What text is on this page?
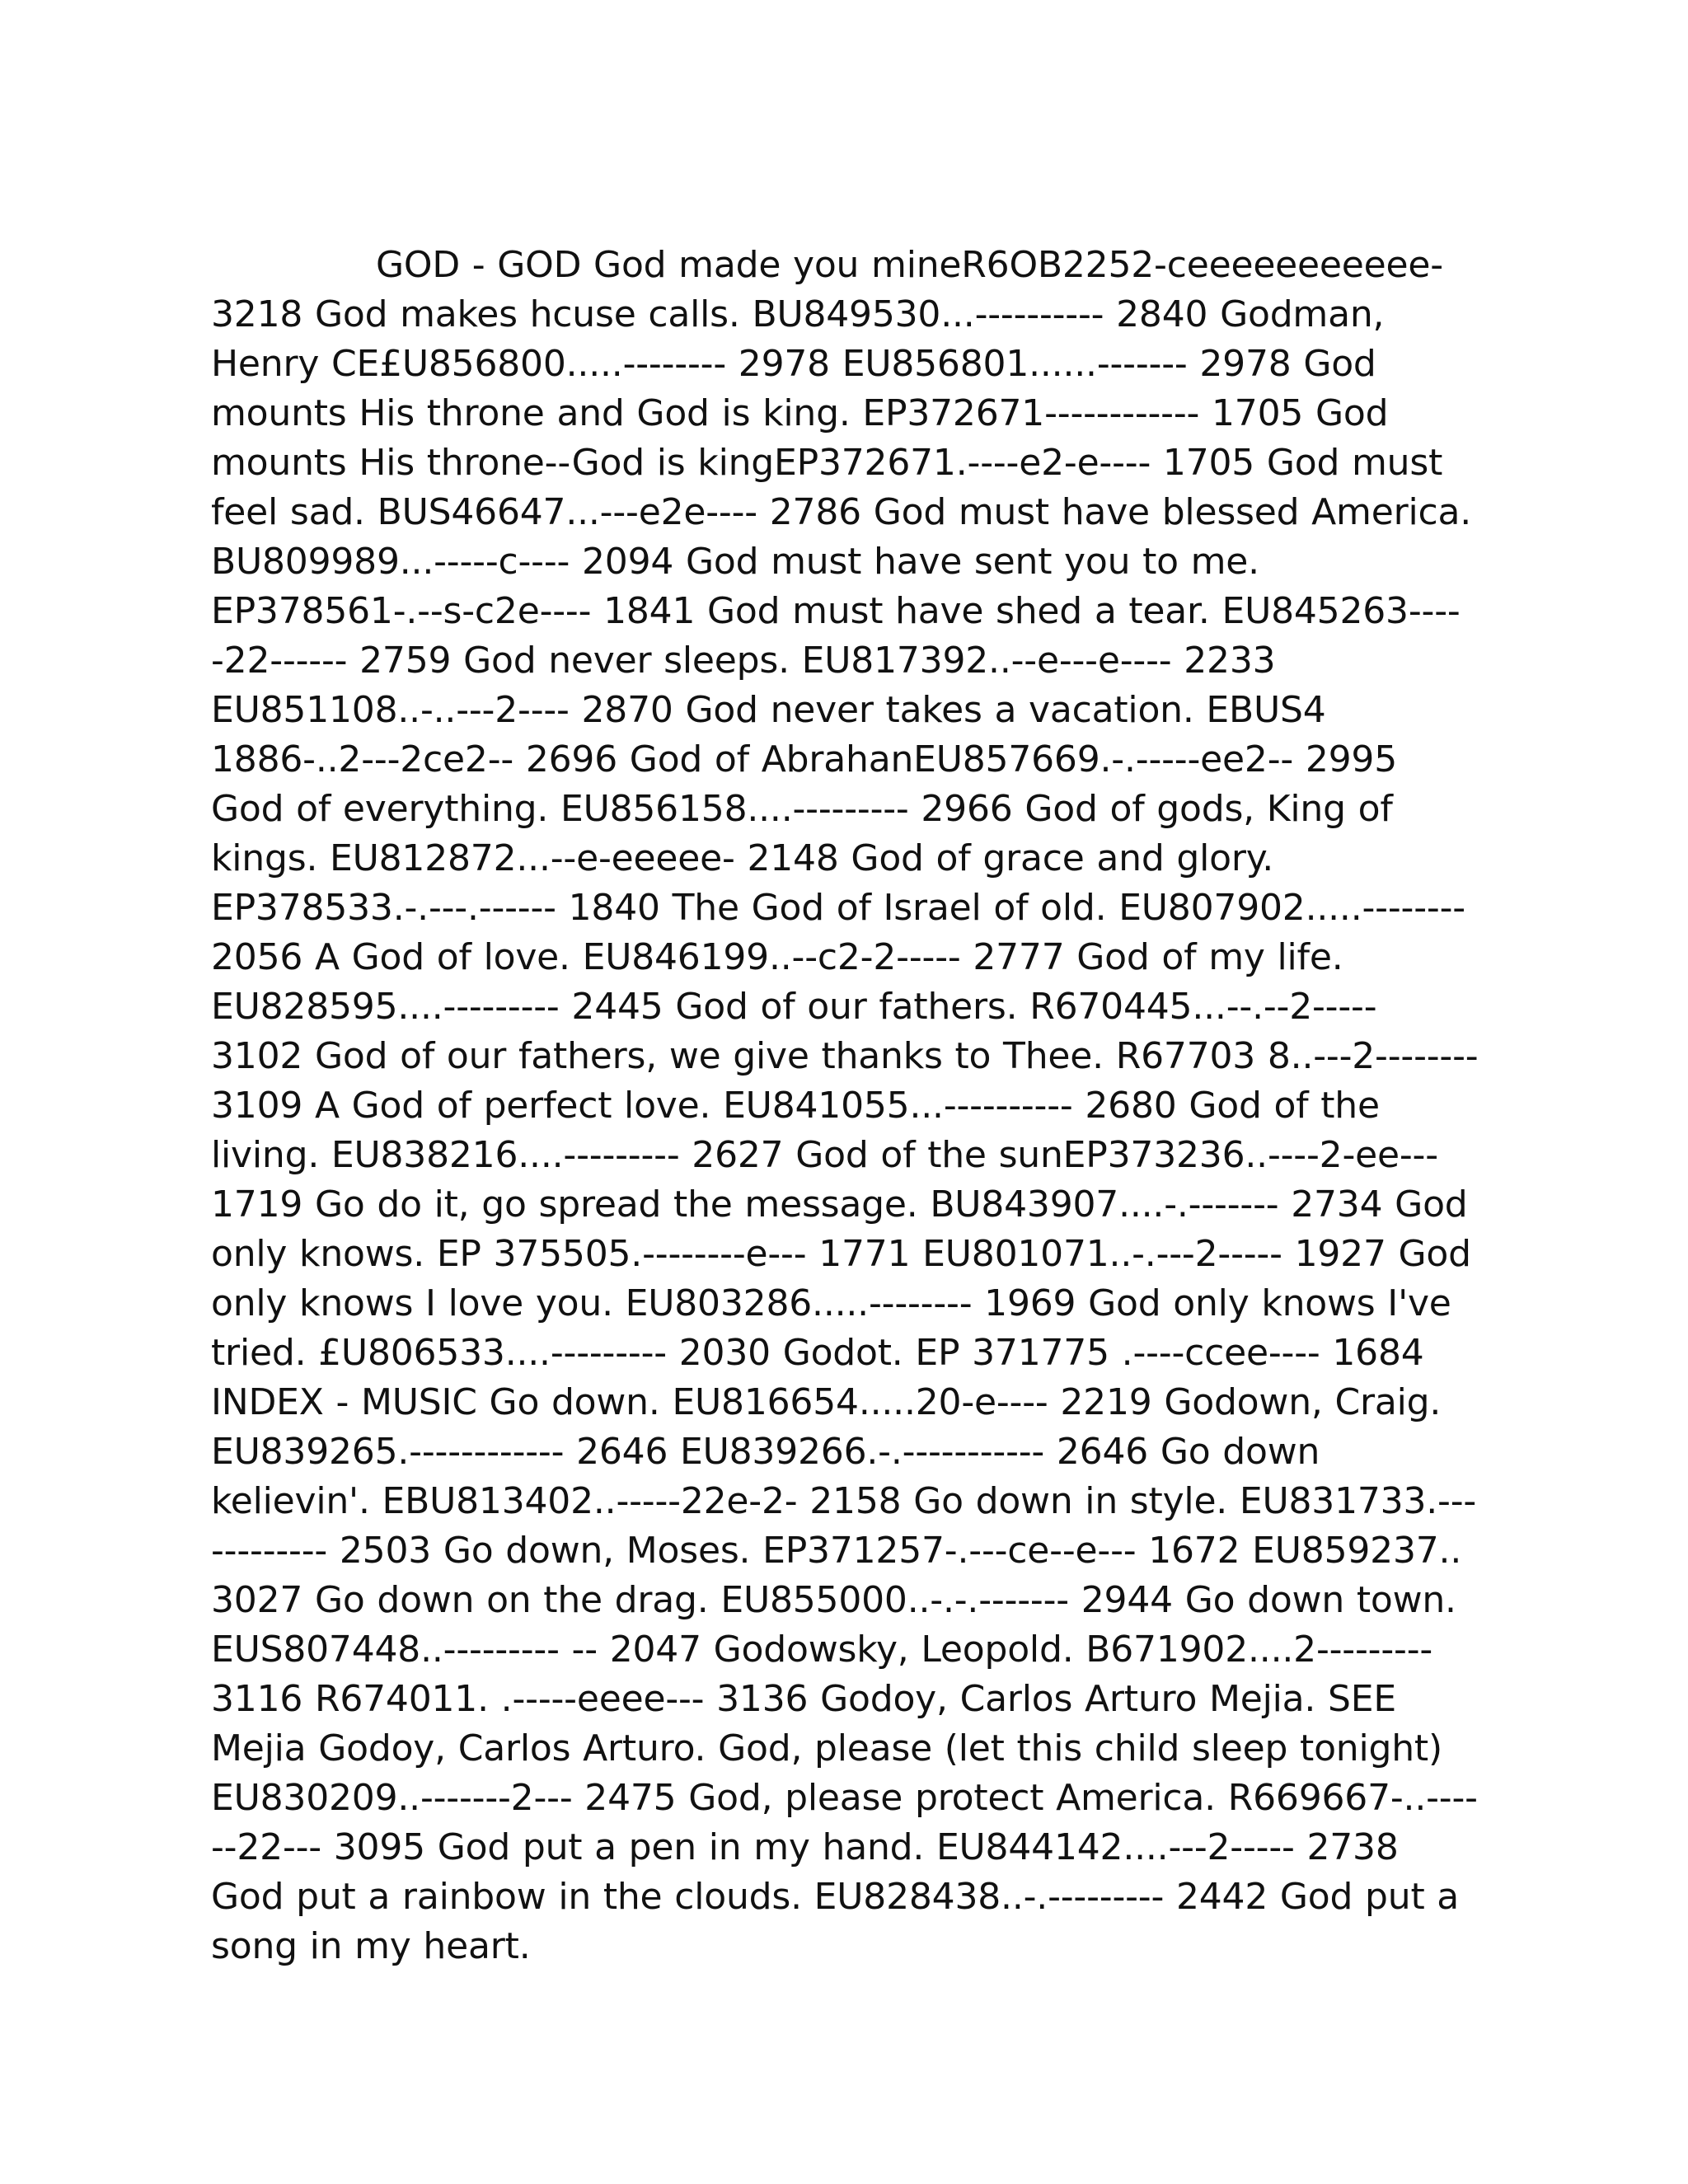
GOD - GOD God made you mineR6OB2252-ceeeeeeeeeee-3218 God makes hcuse calls. BU849530...---------- 2840 Godman, Henry CE£U856800.....-------- 2978 EU856801......------- 2978 God mounts His throne and God is king. EP372671------------ 1705 God mounts His throne--God is kingEP372671.----e2-e---- 1705 God must feel sad. BUS46647...---e2e---- 2786 God must have blessed America. BU809989...-----c---- 2094 God must have sent you to me. EP378561-.--s-c2e---- 1841 God must have shed a tear. EU845263-----22------ 2759 God never sleeps. EU817392..--e---e---- 2233 EU851108..-..---2---- 2870 God never takes a vacation. EBUS4 1886-..2---2ce2-- 2696 God of AbrahanEU857669.-.-----ee2-- 2995 God of everything. EU856158....--------- 2966 God of gods, King of kings. EU812872...--e-eeeee- 2148 God of grace and glory. EP378533.-.---.------ 1840 The God of Israel of old. EU807902.....-------- 2056 A God of love. EU846199..--c2-2----- 2777 God of my life. EU828595....--------- 2445 God of our fathers. R670445...--.--2----- 3102 God of our fathers, we give thanks to Thee. R67703 8..---2-------- 3109 A God of perfect love. EU841055...---------- 2680 God of the living. EU838216....--------- 2627 God of the sunEP373236..----2-ee--- 1719 Go do it, go spread the message. BU843907....-.------- 2734 God only knows. EP 375505.--------e--- 1771 EU801071..-.---2----- 1927 God only knows I love you. EU803286.....-------- 1969 God only knows I've tried. £U806533....--------- 2030 Godot. EP 371775 .----ccee---- 1684 INDEX - MUSIC Go down. EU816654.....20-e---- 2219 Godown, Craig. EU839265.------------ 2646 EU839266.-.----------- 2646 Go down kelievin'. EBU813402..-----22e-2- 2158 Go down in style. EU831733.------------ 2503 Go down, Moses. EP371257-.---ce--e--- 1672 EU859237.. 3027 Go down on the drag. EU855000..-.-.------- 2944 Go down town. EUS807448..--------- -- 2047 Godowsky, Leopold. B671902....2--------- 3116 R674011. .-----eeee--- 3136 Godoy, Carlos Arturo Mejia. SEE Mejia Godoy, Carlos Arturo. God, please (let this child sleep tonight) EU830209..-------2--- 2475 God, please protect America. R669667-..------22--- 3095 God put a pen in my hand. EU844142....---2----- 2738 God put a rainbow in the clouds. EU828438..-.--------- 2442 God put a song in my heart.
